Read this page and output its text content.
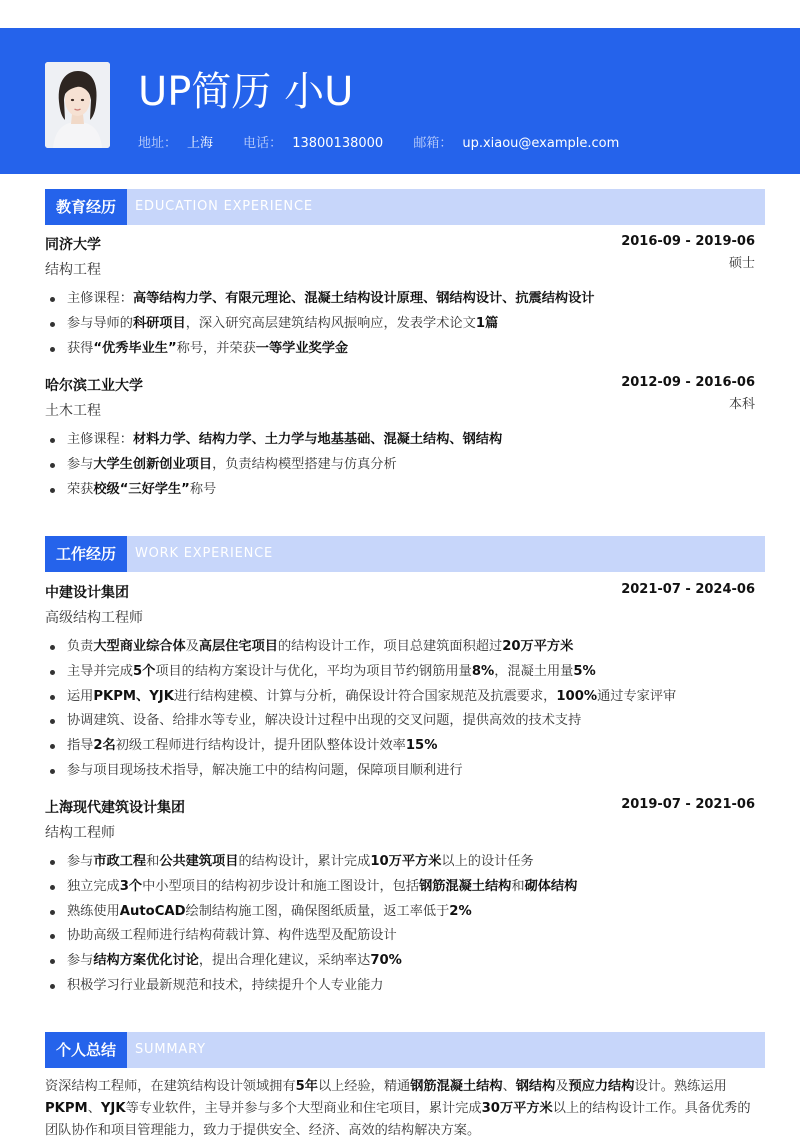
UP简历 小U
地址： 上海 电话： 13800138000 邮箱： up.xiaou@example.com
教育经历	EDUCATION EXPERIENCE
同济大学	2016-09 - 2019-06
结构工程	硕士
主修课程：高等结构力学、有限元理论、混凝土结构设计原理、钢结构设计、抗震结构设计
参与导师的科研项目，深入研究高层建筑结构风振响应，发表学术论文1篇
获得“优秀毕业生”称号，并荣获一等学业奖学金
哈尔滨工业大学	2012-09 - 2016-06
土木工程	本科
主修课程：材料力学、结构力学、土力学与地基基础、混凝土结构、钢结构
参与大学生创新创业项目，负责结构模型搭建与仿真分析
荣获校级“三好学生”称号
工作经历	WORK EXPERIENCE
中建设计集团	2021-07 - 2024-06
高级结构工程师
负责大型商业综合体及高层住宅项目的结构设计工作，项目总建筑面积超过20万平方米
主导并完成5个项目的结构方案设计与优化，平均为项目节约钢筋用量8%，混凝土用量5%
运用PKPM、YJK进行结构建模、计算与分析，确保设计符合国家规范及抗震要求，100%通过专家评审
协调建筑、设备、给排水等专业，解决设计过程中出现的交叉问题，提供高效的技术支持
指导2名初级工程师进行结构设计，提升团队整体设计效率15%
参与项目现场技术指导，解决施工中的结构问题，保障项目顺利进行
上海现代建筑设计集团	2019-07 - 2021-06
结构工程师
参与市政工程和公共建筑项目的结构设计，累计完成10万平方米以上的设计任务
独立完成3个中小型项目的结构初步设计和施工图设计，包括钢筋混凝土结构和砌体结构
熟练使用AutoCAD绘制结构施工图，确保图纸质量，返工率低于2%
协助高级工程师进行结构荷载计算、构件选型及配筋设计
参与结构方案优化讨论，提出合理化建议，采纳率达70%
积极学习行业最新规范和技术，持续提升个人专业能力
个人总结	SUMMARY
资深结构工程师，在建筑结构设计领域拥有5年以上经验，精通钢筋混凝土结构、钢结构及预应力结构设计。熟练运用PKPM、YJK等专业软件，主导并参与多个大型商业和住宅项目，累计完成30万平方米以上的结构设计工作。具备优秀的团队协作和项目管理能力，致力于提供安全、经济、高效的结构解决方案。
